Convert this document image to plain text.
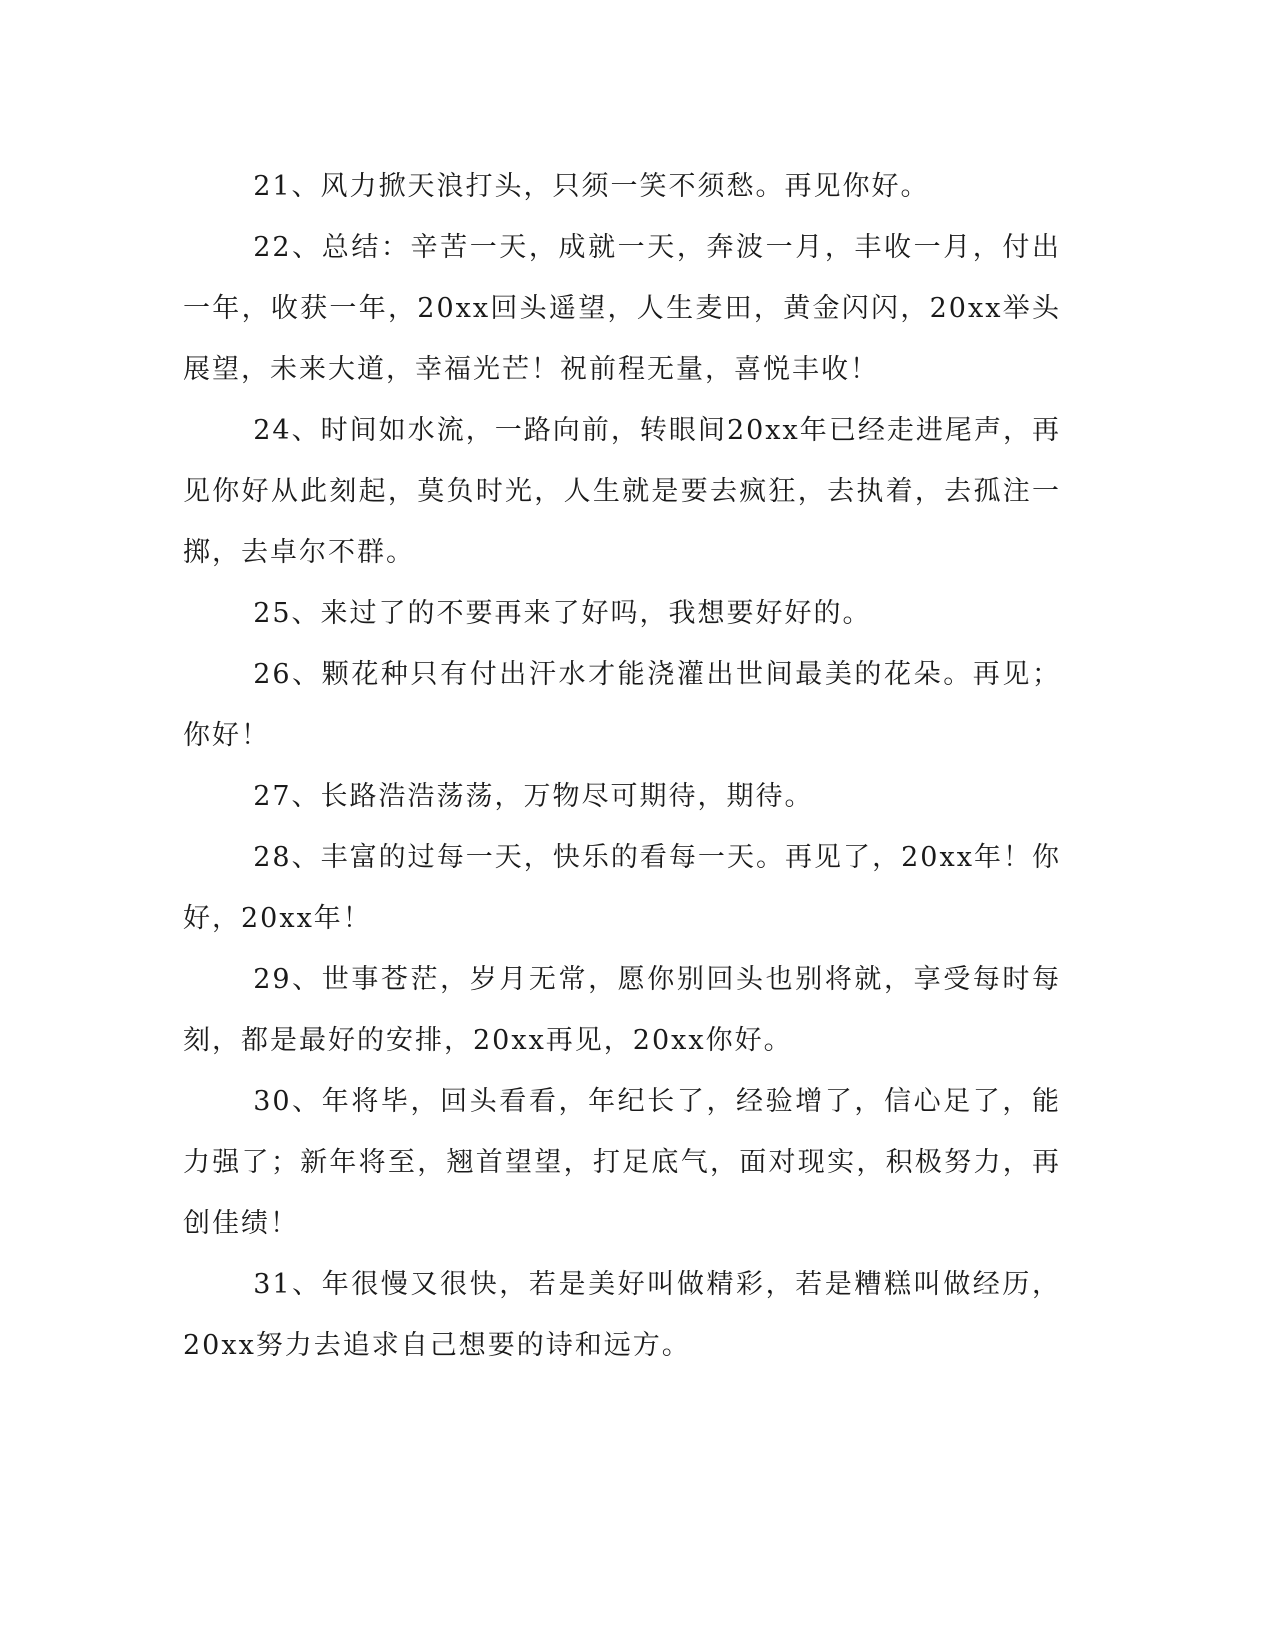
21、风力掀天浪打头，只须一笑不须愁。再见你好。

22、总结：辛苦一天，成就一天，奔波一月，丰收一月，付出一年，收获一年，20xx回头遥望，人生麦田，黄金闪闪，20xx举头展望，未来大道，幸福光芒！祝前程无量，喜悦丰收！

24、时间如水流，一路向前，转眼间20xx年已经走进尾声，再见你好从此刻起，莫负时光，人生就是要去疯狂，去执着，去孤注一掷，去卓尔不群。

25、来过了的不要再来了好吗，我想要好好的。

26、颗花种只有付出汗水才能浇灌出世间最美的花朵。再见；你好！

27、长路浩浩荡荡，万物尽可期待，期待。

28、丰富的过每一天，快乐的看每一天。再见了，20xx年！你好，20xx年！

29、世事苍茫，岁月无常，愿你别回头也别将就，享受每时每刻，都是最好的安排，20xx再见，20xx你好。

30、年将毕，回头看看，年纪长了，经验增了，信心足了，能力强了；新年将至，翘首望望，打足底气，面对现实，积极努力，再创佳绩！

31、年很慢又很快，若是美好叫做精彩，若是糟糕叫做经历，20xx努力去追求自己想要的诗和远方。
